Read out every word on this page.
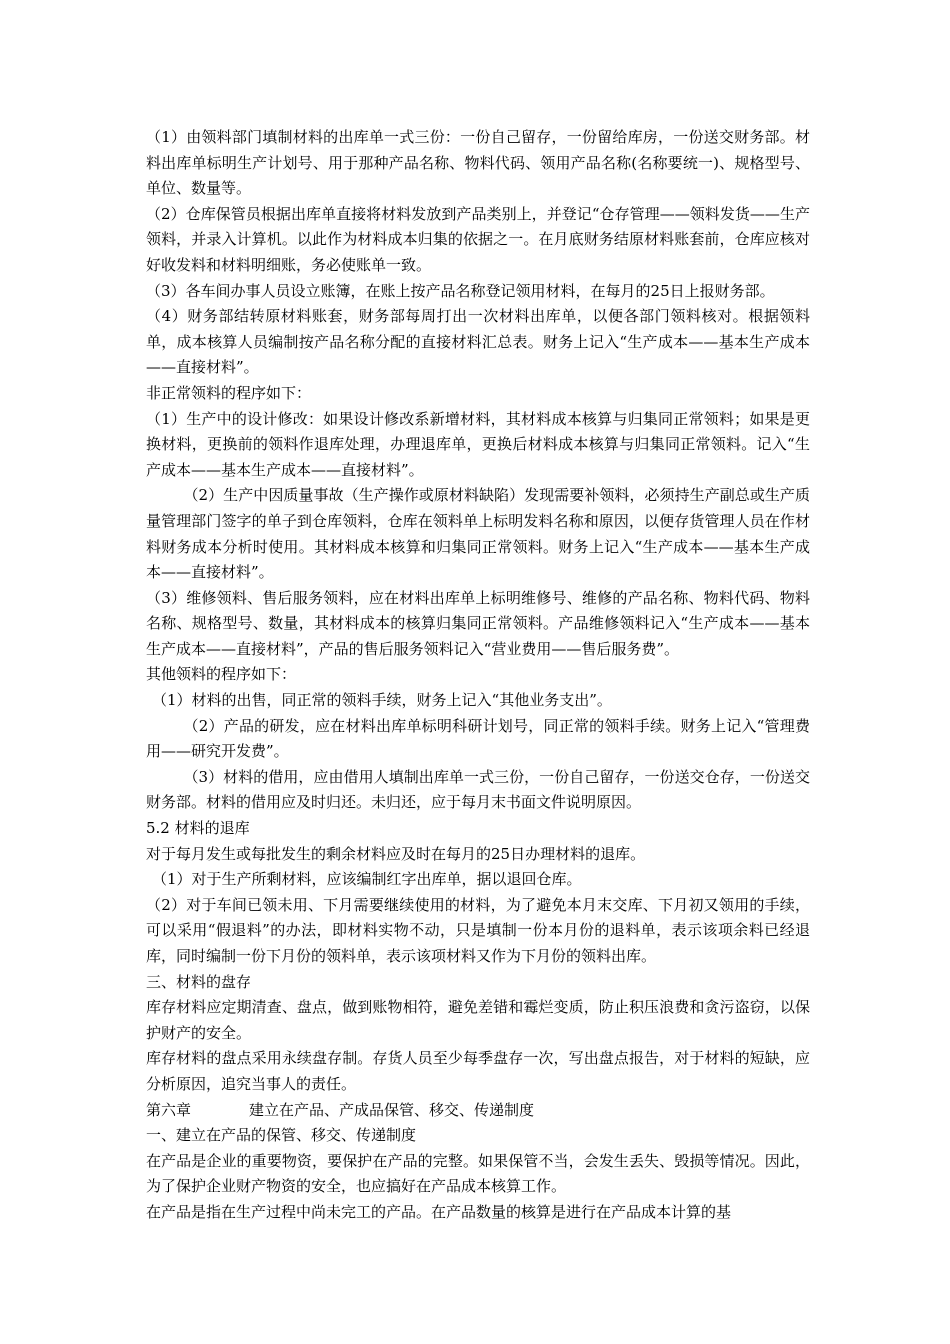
（1）由领料部门填制材料的出库单一式三份：一份自己留存，一份留给库房，一份送交财务部。材料出库单标明生产计划号、用于那种产品名称、物料代码、领用产品名称(名称要统一)、规格型号、单位、数量等。

（2）仓库保管员根据出库单直接将材料发放到产品类别上，并登记“仓存管理——领料发货——生产领料，并录入计算机。以此作为材料成本归集的依据之一。在月底财务结原材料账套前，仓库应核对好收发料和材料明细账，务必使账单一致。

（3）各车间办事人员设立账簿，在账上按产品名称登记领用材料，在每月的25日上报财务部。

（4）财务部结转原材料账套，财务部每周打出一次材料出库单，以便各部门领料核对。根据领料单，成本核算人员编制按产品名称分配的直接材料汇总表。财务上记入“生产成本——基本生产成本——直接材料”。

非正常领料的程序如下：

（1）生产中的设计修改：如果设计修改系新增材料，其材料成本核算与归集同正常领料；如果是更换材料，更换前的领料作退库处理，办理退库单，更换后材料成本核算与归集同正常领料。记入“生产成本——基本生产成本——直接材料”。

（2）生产中因质量事故（生产操作或原材料缺陷）发现需要补领料，必须持生产副总或生产质量管理部门签字的单子到仓库领料，仓库在领料单上标明发料名称和原因，以便存货管理人员在作材料财务成本分析时使用。其材料成本核算和归集同正常领料。财务上记入“生产成本——基本生产成本——直接材料”。

（3）维修领料、售后服务领料，应在材料出库单上标明维修号、维修的产品名称、物料代码、物料名称、规格型号、数量，其材料成本的核算归集同正常领料。产品维修领料记入“生产成本——基本生产成本——直接材料”，产品的售后服务领料记入“营业费用——售后服务费”。

其他领料的程序如下：

（1）材料的出售，同正常的领料手续，财务上记入“其他业务支出”。

（2）产品的研发，应在材料出库单标明科研计划号，同正常的领料手续。财务上记入“管理费用——研究开发费”。

（3）材料的借用，应由借用人填制出库单一式三份，一份自己留存，一份送交仓存，一份送交财务部。材料的借用应及时归还。未归还，应于每月末书面文件说明原因。

5.2 材料的退库

对于每月发生或每批发生的剩余材料应及时在每月的25日办理材料的退库。

（1）对于生产所剩材料，应该编制红字出库单，据以退回仓库。

（2）对于车间已领未用、下月需要继续使用的材料，为了避免本月末交库、下月初又领用的手续，可以采用“假退料”的办法，即材料实物不动，只是填制一份本月份的退料单，表示该项余料已经退库，同时编制一份下月份的领料单，表示该项材料又作为下月份的领料出库。

三、材料的盘存

库存材料应定期清查、盘点，做到账物相符，避免差错和霉烂变质，防止积压浪费和贪污盗窃，以保护财产的安全。

库存材料的盘点采用永续盘存制。存货人员至少每季盘存一次，写出盘点报告，对于材料的短缺，应分析原因，追究当事人的责任。

第六章	建立在产品、产成品保管、移交、传递制度

一、建立在产品的保管、移交、传递制度

在产品是企业的重要物资，要保护在产品的完整。如果保管不当，会发生丢失、毁损等情况。因此，为了保护企业财产物资的安全，也应搞好在产品成本核算工作。

在产品是指在生产过程中尚未完工的产品。在产品数量的核算是进行在产品成本计算的基
